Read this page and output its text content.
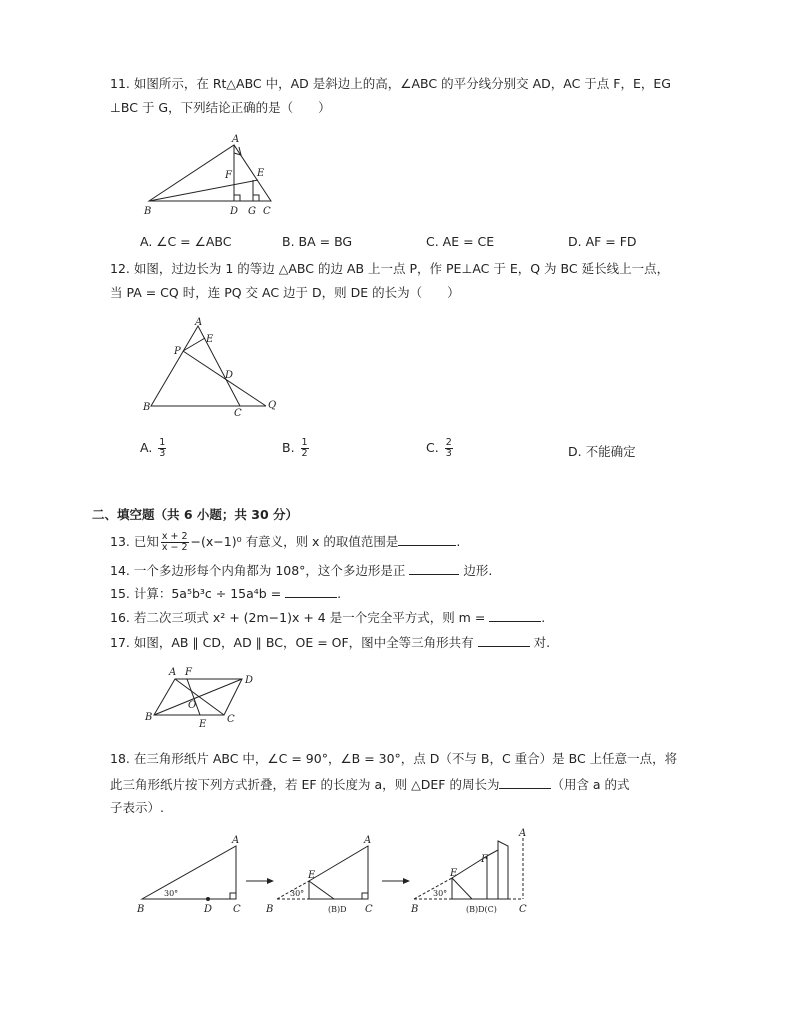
11. 如图所示，在 Rt△ABC 中，AD 是斜边上的高，∠ABC 的平分线分别交 AD，AC 于点 F，E，EG
⊥BC 于 G，下列结论正确的是（　　）
A
B	D G C
F	E
A. ∠C = ∠ABC	B. BA = BG	C. AE = CE	D. AF = FD
12. 如图，过边长为 1 的等边 △ABC 的边 AB 上一点 P，作 PE⊥AC 于 E，Q 为 BC 延长线上一点，
当 PA = CQ 时，连 PQ 交 AC 边于 D，则 DE 的长为（　　）
A
E
P
D
B
C
Q
A. $\frac{1}{3}$	B. $\frac{1}{2}$	C. $\frac{2}{3}$	D. 不能确定
二、填空题（共 6 小题；共 30 分）
13. 已知 $\frac{x + 2}{x - 2} -(x-1)^0$ 有意义，则 x 的取值范围是	.
14. 一个多边形每个内角都为 108°，这个多边形是正	边形.
15. 计算：5a⁵b³c ÷ 15a⁴b =	.
16. 若二次三项式 x² + (2m−1)x + 4 是一个完全平方式，则 m =	.
17. 如图，AB ∥ CD，AD ∥ BC，OE = OF，图中全等三角形共有	对.
A F
D
O
B
E C
18. 在三角形纸片 ABC 中，∠C = 90°，∠B = 30°，点 D（不与 B，C 重合）是 BC 上任意一点，将
此三角形纸片按下列方式折叠，若 EF 的长度为 a，则 △DEF 的周长为	（用含 a 的式
子表示）.
A
30°
B	D C
A
E
30°
B	(B)D C
A
F
E
30°
B	(B)D(C) C
